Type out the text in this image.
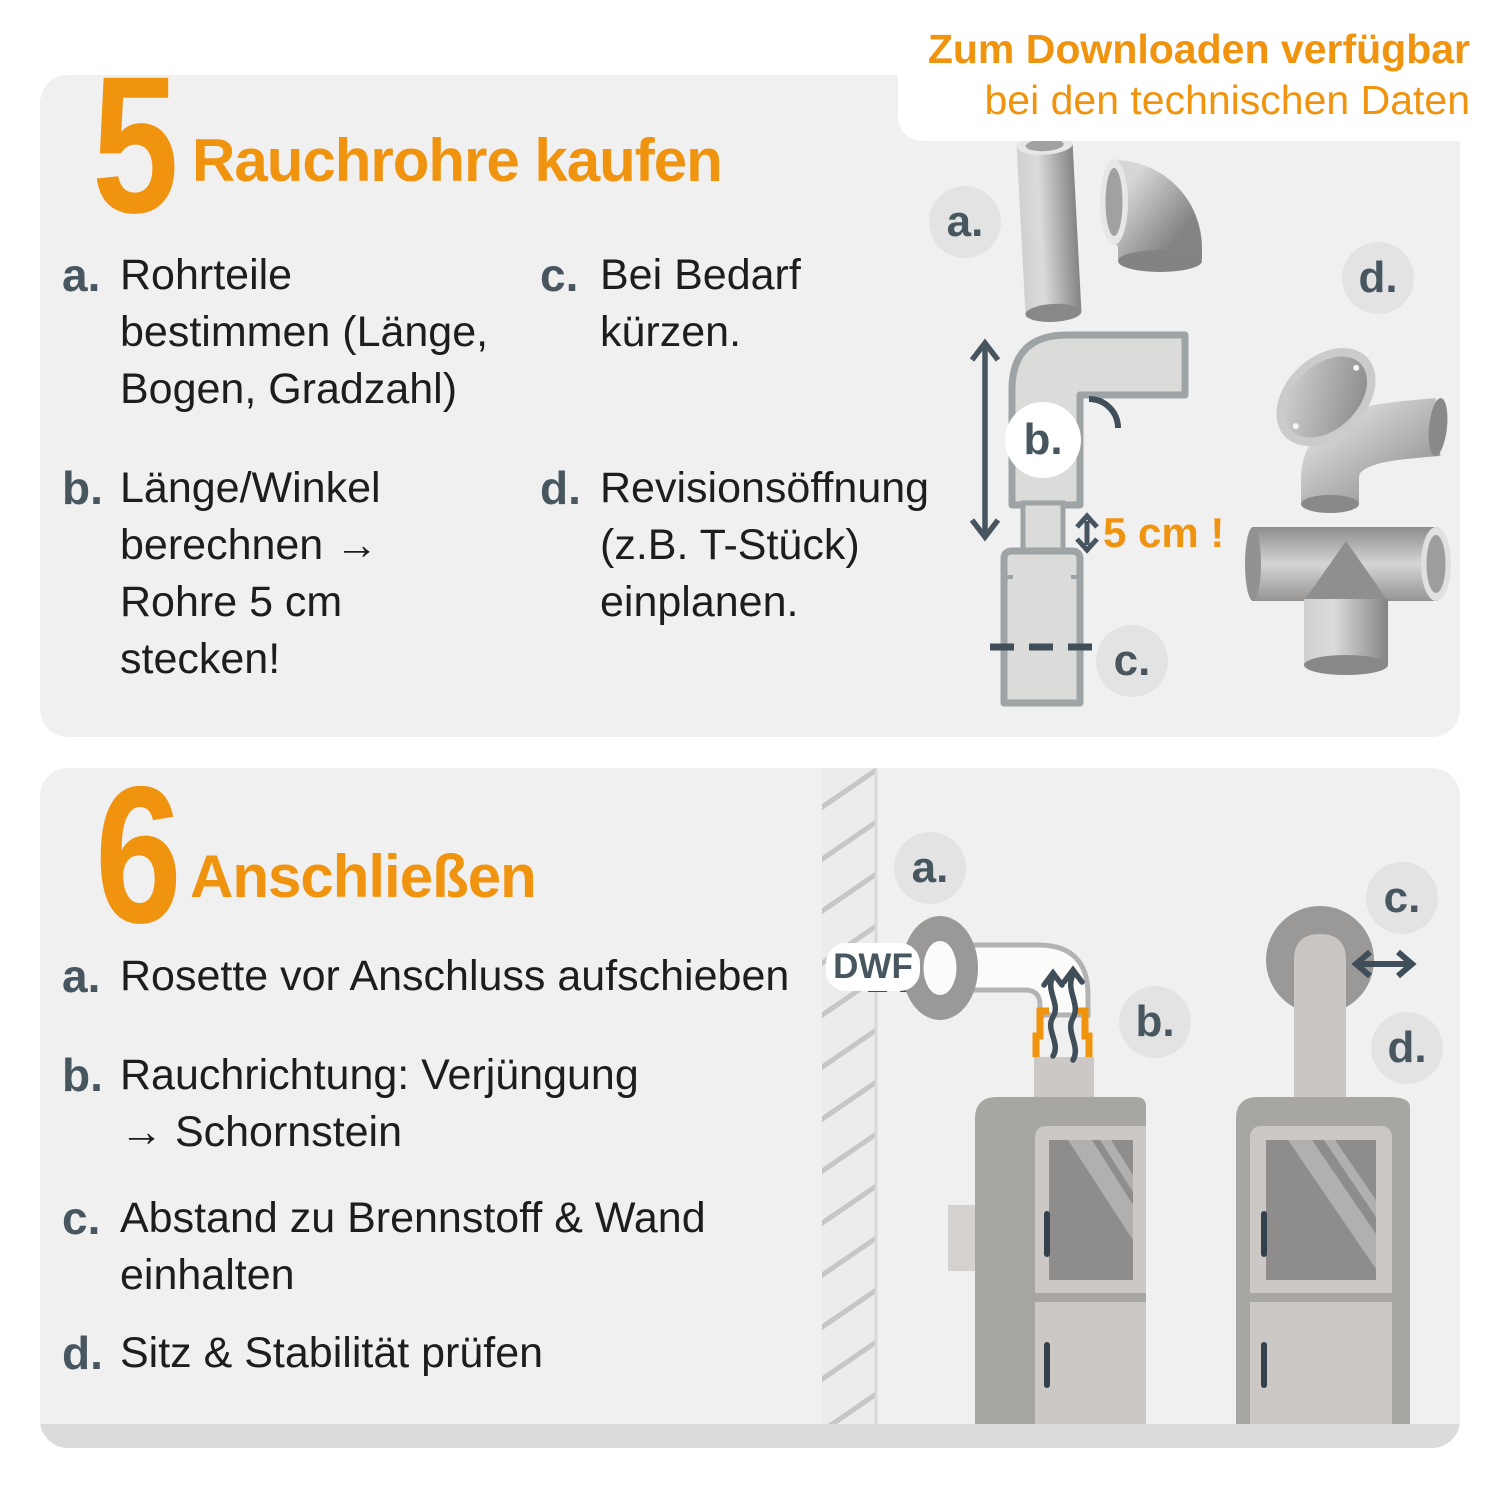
5 Rauchrohre kaufen
a. Rohrteile
bestimmen (Länge,
Bogen, Gradzahl)
b. Länge/Winkel
berechnen →
Rohre 5 cm
stecken!
c. Bei Bedarf
kürzen.
d. Revisionsöffnung
(z.B. T-Stück)
einplanen.
a.
b.
c.
d.
5 cm !
6 Anschließen
a. Rosette vor Anschluss aufschieben
b. Rauchrichtung: Verjüngung
→ Schornstein
c. Abstand zu Brennstoff & Wand
einhalten
d. Sitz & Stabilität prüfen
a.
b.
c.
d.
DWF
Zum Downloaden verfügbar
bei den technischen Daten
